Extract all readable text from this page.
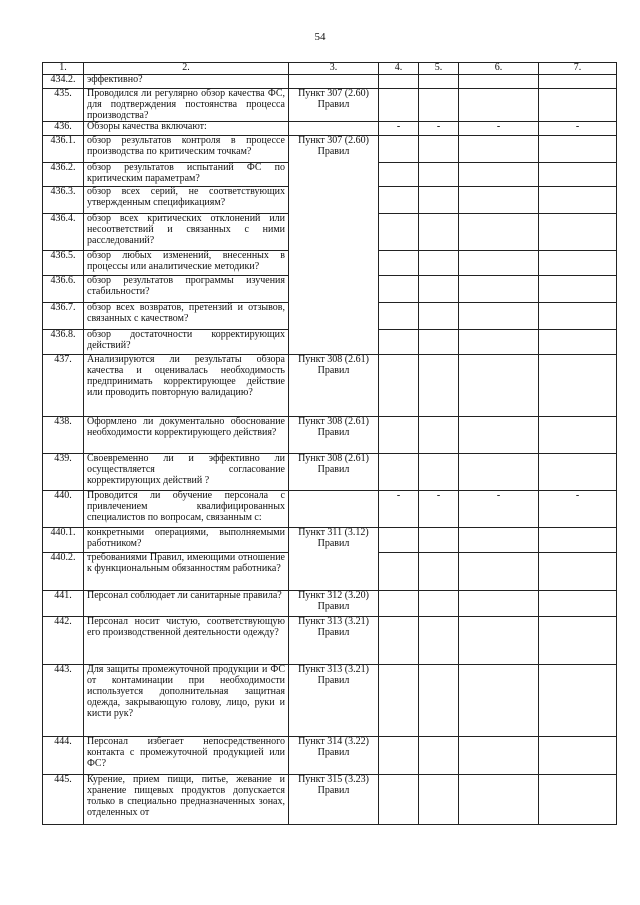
54
1.	2.	3.	4.	5.	6.	7.
434.2.	эффективно?					
435.	Проводился ли регулярно обзор качества ФС, для подтверждения постоянства процесса производства?	Пункт 307 (2.60) Правил				
436.	Обзоры качества включают:		-	-	-	-
436.1.	обзор результатов контроля в процессе производства по критическим точкам?	Пункт 307 (2.60) Правил				
436.2.	обзор результатов испытаний ФС по критическим параметрам?					
436.3.	обзор всех серий, не соответствующих утвержденным спецификациям?					
436.4.	обзор всех критических отклонений или несоответствий и связанных с ними расследований?					
436.5.	обзор любых изменений, внесенных в процессы или аналитические методики?					
436.6.	обзор результатов программы изучения стабильности?					
436.7.	обзор всех возвратов, претензий и отзывов, связанных с качеством?					
436.8.	обзор достаточности корректирующих действий?					
437.	Анализируются ли результаты обзора качества и оценивалась необходимость предпринимать корректирующее действие или проводить повторную валидацию?	Пункт 308 (2.61) Правил				
438.	Оформлено ли документально обоснование необходимости корректирующего действия?	Пункт 308 (2.61) Правил				
439.	Своевременно ли и эффективно ли осуществляется согласование корректирующих действий ?	Пункт 308 (2.61) Правил				
440.	Проводится ли обучение персонала с привлечением квалифицированных специалистов по вопросам, связанным с:		-	-	-	-
440.1.	конкретными операциями, выполняемыми работником?	Пункт 311 (3.12) Правил				
440.2.	требованиями Правил, имеющими отношение к функциональным обязанностям работника?					
441.	Персонал соблюдает ли санитарные правила?	Пункт 312 (3.20) Правил				
442.	Персонал носит чистую, соответствующую его производственной деятельности одежду?	Пункт 313 (3.21) Правил				
443.	Для защиты промежуточной продукции и ФС от контаминации при необходимости используется дополнительная защитная одежда, закрывающую голову, лицо, руки и кисти рук?	Пункт 313 (3.21) Правил				
444.	Персонал избегает непосредственного контакта с промежуточной продукцией или ФС?	Пункт 314 (3.22) Правил				
445.	Курение, прием пищи, питье, жевание и хранение пищевых продуктов допускается только в специально предназначенных зонах, отделенных от	Пункт 315 (3.23) Правил				
